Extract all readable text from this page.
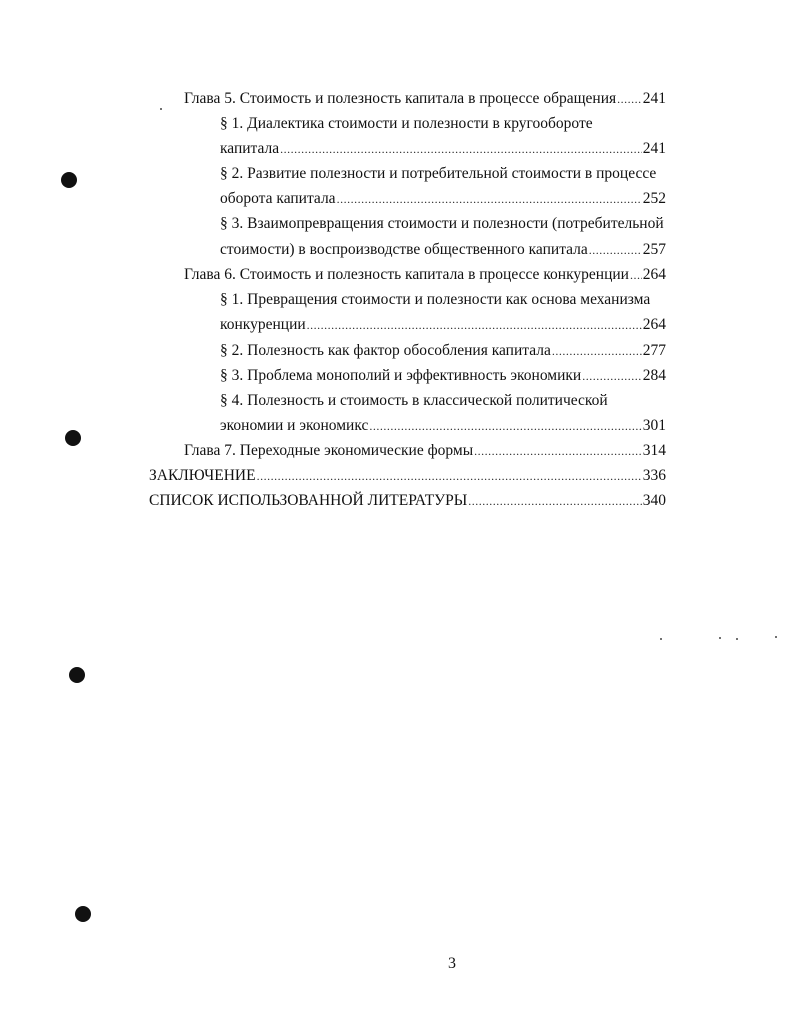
Глава 5. Стоимость и полезность капитала в процессе обращения ..... 241
§ 1. Диалектика стоимости и полезности в кругообороте
капитала .....	241
§ 2. Развитие полезности и потребительной стоимости в процессе
оборота капитала .....	252
§ 3. Взаимопревращения стоимости и полезности (потребительной
стоимости) в воспроизводстве общественного капитала .....	257
Глава 6. Стоимость и полезность капитала в процессе конкуренции ..... 264
§ 1. Превращения стоимости и полезности как основа механизма
конкуренции .....	264
§ 2. Полезность как фактор обособления капитала .....	277
§ 3. Проблема монополий и эффективность экономики .....	284
§ 4. Полезность и стоимость в классической политической
экономии и экономикс .....	301
Глава 7. Переходные экономические формы .....	314
ЗАКЛЮЧЕНИЕ .....	336
СПИСОК ИСПОЛЬЗОВАННОЙ ЛИТЕРАТУРЫ .....	340
3
